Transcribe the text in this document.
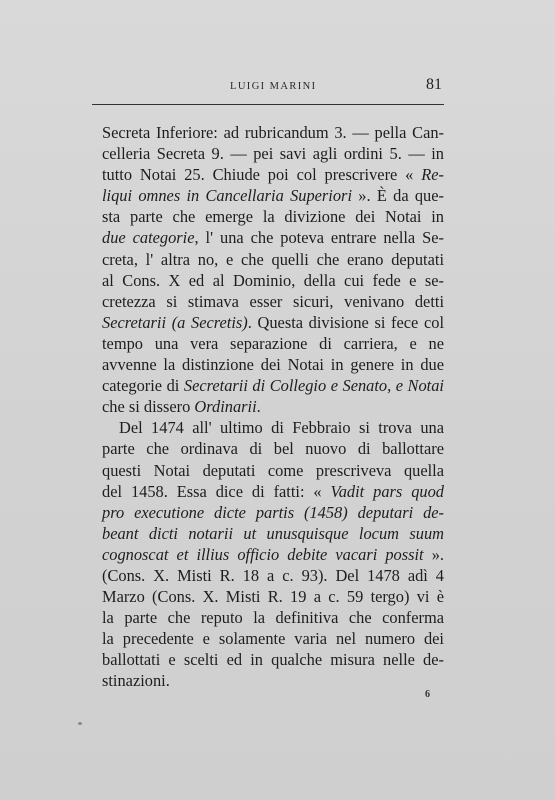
LUIGI MARINI	81
Secreta Inferiore: ad rubricandum 3. — pella Can-
celleria Secreta 9. — pei savi agli ordini 5. — in
tutto Notai 25. Chiude poi col prescrivere « Re-
liqui omnes in Cancellaria Superiori ». È da que-
sta parte che emerge la divizione dei Notai in
due categorie, l' una che poteva entrare nella Se-
creta, l' altra no, e che quelli che erano deputati
al Cons. X ed al Dominio, della cui fede e se-
cretezza si stimava esser sicuri, venivano detti
Secretarii (a Secretis). Questa divisione si fece col
tempo una vera separazione di carriera, e ne
avvenne la distinzione dei Notai in genere in due
categorie di Secretarii di Collegio e Senato, e Notai
che si dissero Ordinarii.
Del 1474 all' ultimo di Febbraio si trova una
parte che ordinava di bel nuovo di ballottare
questi Notai deputati come prescriveva quella
del 1458. Essa dice di fatti: « Vadit pars quod
pro executione dicte partis (1458) deputari de-
beant dicti notarii ut unusquisque locum suum
cognoscat et illius officio debite vacari possit ».
(Cons. X. Misti R. 18 a c. 93). Del 1478 adì 4
Marzo (Cons. X. Misti R. 19 a c. 59 tergo) vi è
la parte che reputo la definitiva che conferma
la precedente e solamente varia nel numero dei
ballottati e scelti ed in qualche misura nelle de-
stinazioni.
6
